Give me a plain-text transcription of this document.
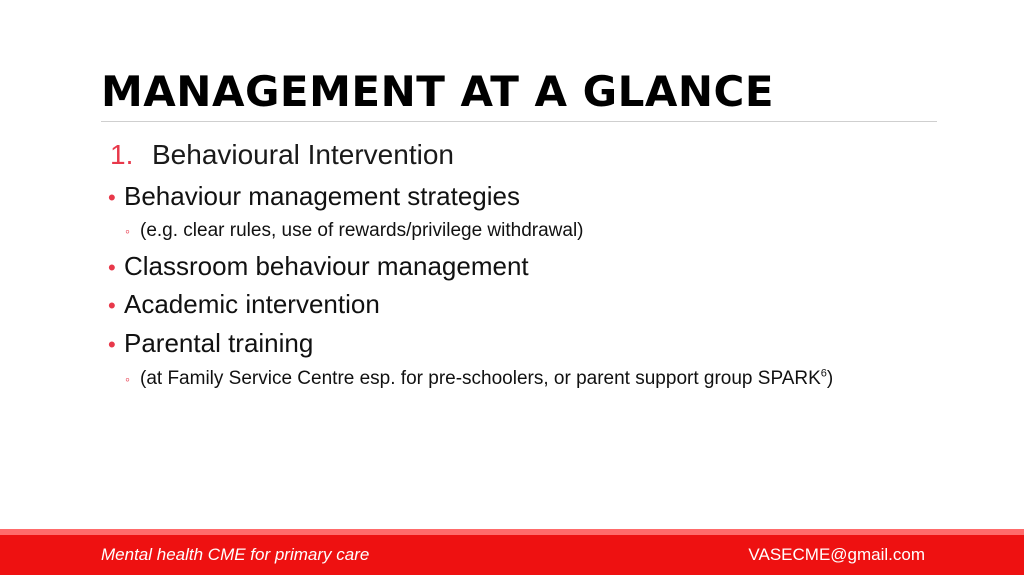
MANAGEMENT AT A GLANCE
1. Behavioural Intervention
• Behaviour management strategies
◦ (e.g. clear rules, use of rewards/privilege withdrawal)
• Classroom behaviour management
• Academic intervention
• Parental training
◦ (at Family Service Centre esp. for pre-schoolers, or parent support group SPARK$^6$)
Mental health CME for primary care	VASECME@gmail.com
